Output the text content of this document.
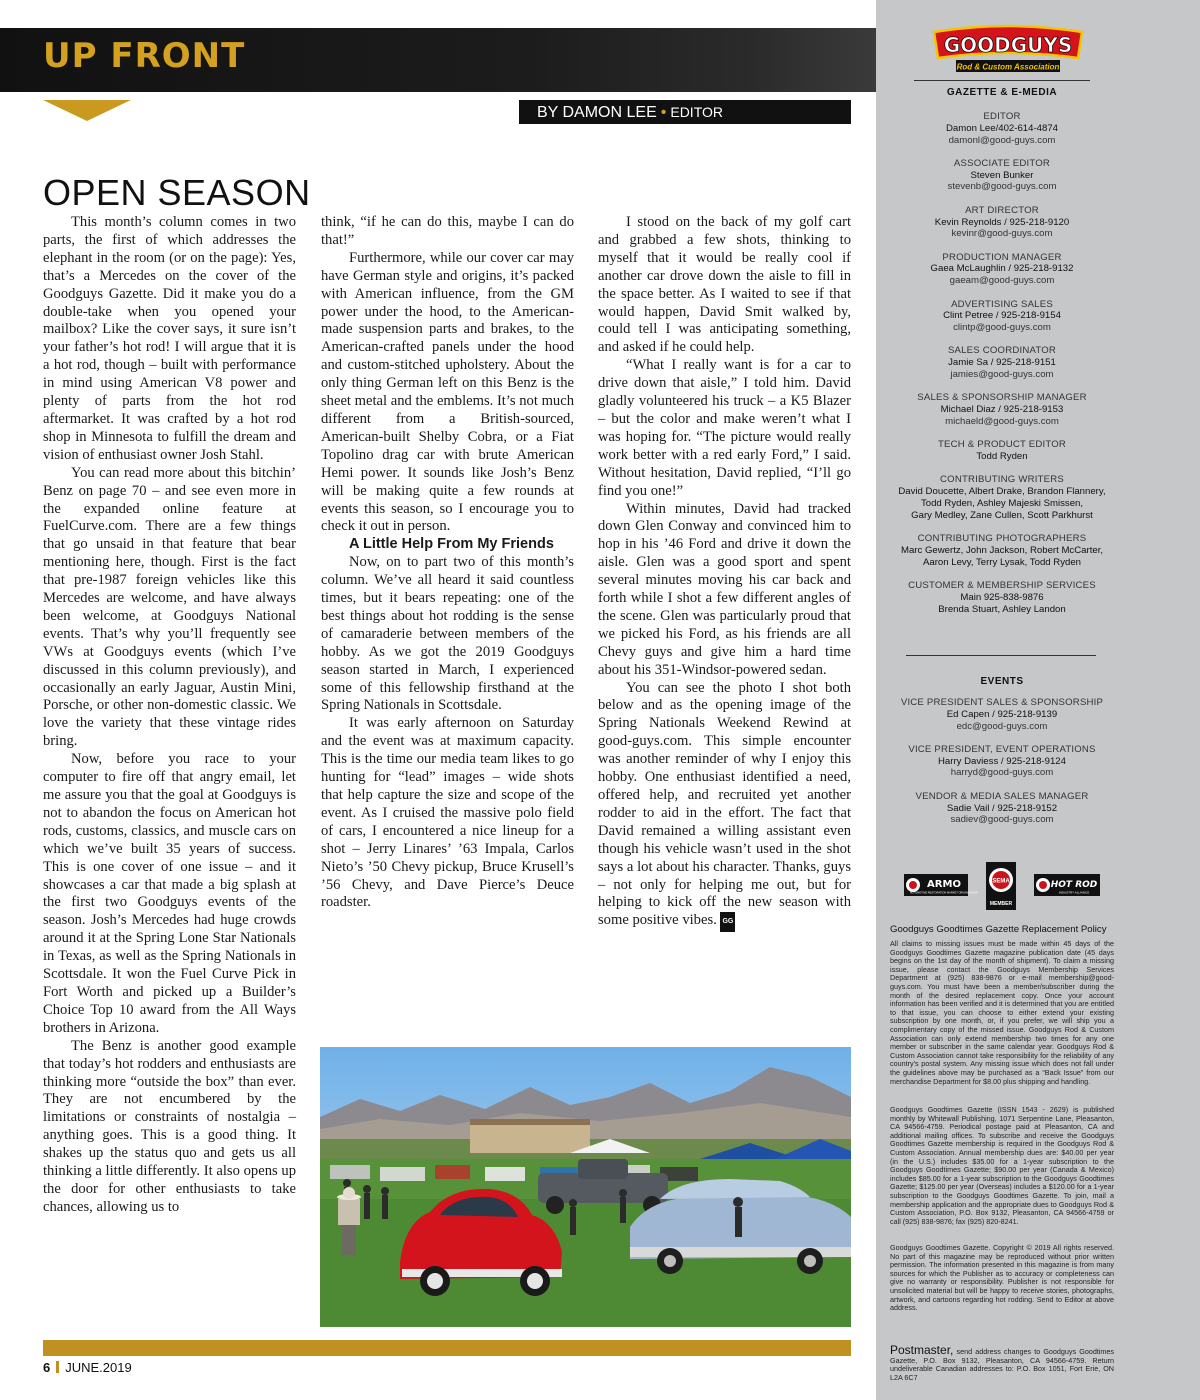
UP FRONT
BY DAMON LEE • EDITOR
OPEN SEASON

This month’s column comes in two parts, the first of which addresses the elephant in the room (or on the page): Yes, that’s a Mercedes on the cover of the Goodguys Gazette. Did it make you do a double-take when you opened your mailbox? Like the cover says, it sure isn’t your father’s hot rod! I will argue that it is a hot rod, though – built with performance in mind using American V8 power and plenty of parts from the hot rod aftermarket. It was crafted by a hot rod shop in Minnesota to fulfill the dream and vision of enthusiast owner Josh Stahl.

You can read more about this bitchin’ Benz on page 70 – and see even more in the expanded online feature at FuelCurve.com. There are a few things that go unsaid in that feature that bear mentioning here, though. First is the fact that pre-1987 foreign vehicles like this Mercedes are welcome, and have always been welcome, at Goodguys National events. That’s why you’ll frequently see VWs at Goodguys events (which I’ve discussed in this column previously), and occasionally an early Jaguar, Austin Mini, Porsche, or other non-domestic classic. We love the variety that these vintage rides bring.

Now, before you race to your computer to fire off that angry email, let me assure you that the goal at Goodguys is not to abandon the focus on American hot rods, customs, classics, and muscle cars on which we’ve built 35 years of success. This is one cover of one issue – and it showcases a car that made a big splash at the first two Goodguys events of the season. Josh’s Mercedes had huge crowds around it at the Spring Lone Star Nationals in Texas, as well as the Spring Nationals in Scottsdale. It won the Fuel Curve Pick in Fort Worth and picked up a Builder’s Choice Top 10 award from the All Ways brothers in Arizona.

The Benz is another good example that today’s hot rodders and enthusiasts are thinking more “outside the box” than ever. They are not encumbered by the limitations or constraints of nostalgia – anything goes. This is a good thing. It shakes up the status quo and gets us all thinking a little differently. It also opens up the door for other enthusiasts to take chances, allowing us to

think, “if he can do this, maybe I can do that!”

Furthermore, while our cover car may have German style and origins, it’s packed with American influence, from the GM power under the hood, to the American-made suspension parts and brakes, to the American-crafted panels under the hood and custom-stitched upholstery. About the only thing German left on this Benz is the sheet metal and the emblems. It’s not much different from a British-sourced, American-built Shelby Cobra, or a Fiat Topolino drag car with brute American Hemi power. It sounds like Josh’s Benz will be making quite a few rounds at events this season, so I encourage you to check it out in person.

A Little Help From My Friends

Now, on to part two of this month’s column. We’ve all heard it said countless times, but it bears repeating: one of the best things about hot rodding is the sense of camaraderie between members of the hobby. As we got the 2019 Goodguys season started in March, I experienced some of this fellowship firsthand at the Spring Nationals in Scottsdale.

It was early afternoon on Saturday and the event was at maximum capacity. This is the time our media team likes to go hunting for “lead” images – wide shots that help capture the size and scope of the event. As I cruised the massive polo field of cars, I encountered a nice lineup for a shot – Jerry Linares’ ’63 Impala, Carlos Nieto’s ’50 Chevy pickup, Bruce Krusell’s ’56 Chevy, and Dave Pierce’s Deuce roadster.

I stood on the back of my golf cart and grabbed a few shots, thinking to myself that it would be really cool if another car drove down the aisle to fill in the space better. As I waited to see if that would happen, David Smit walked by, could tell I was anticipating something, and asked if he could help.

“What I really want is for a car to drive down that aisle,” I told him. David gladly volunteered his truck – a K5 Blazer – but the color and make weren’t what I was hoping for. “The picture would really work better with a red early Ford,” I said. Without hesitation, David replied, “I’ll go find you one!”

Within minutes, David had tracked down Glen Conway and convinced him to hop in his ’46 Ford and drive it down the aisle. Glen was a good sport and spent several minutes moving his car back and forth while I shot a few different angles of the scene. Glen was particularly proud that we picked his Ford, as his friends are all Chevy guys and give him a hard time about his 351-Windsor-powered sedan.

You can see the photo I shot both below and as the opening image of the Spring Nationals Weekend Rewind at good-guys.com. This simple encounter was another reminder of why I enjoy this hobby. One enthusiast identified a need, offered help, and recruited yet another rodder to aid in the effort. The fact that David remained a willing assistant even though his vehicle wasn’t used in the shot says a lot about his character. Thanks, guys – not only for helping me out, but for helping to kick off the new season with some positive vibes. GG

6 JUNE.2019
GOODGUYS
Rod & Custom Association
GAZETTE & E-MEDIA
EDITOR
Damon Lee/402-614-4874
damonl@good-guys.com
ASSOCIATE EDITOR
Steven Bunker
stevenb@good-guys.com
ART DIRECTOR
Kevin Reynolds / 925-218-9120
kevinr@good-guys.com
PRODUCTION MANAGER
Gaea McLaughlin / 925-218-9132
gaeam@good-guys.com
ADVERTISING SALES
Clint Petree / 925-218-9154
clintp@good-guys.com
SALES COORDINATOR
Jamie Sa / 925-218-9151
jamies@good-guys.com
SALES & SPONSORSHIP MANAGER
Michael Diaz / 925-218-9153
michaeld@good-guys.com
TECH & PRODUCT EDITOR
Todd Ryden
CONTRIBUTING WRITERS
David Doucette, Albert Drake, Brandon Flannery,
Todd Ryden, Ashley Majeski Smissen,
Gary Medley, Zane Cullen, Scott Parkhurst
CONTRIBUTING PHOTOGRAPHERS
Marc Gewertz, John Jackson, Robert McCarter,
Aaron Levy, Terry Lysak, Todd Ryden
CUSTOMER & MEMBERSHIP SERVICES
Main 925-838-9876
Brenda Stuart, Ashley Landon
EVENTS
VICE PRESIDENT SALES & SPONSORSHIP
Ed Capen / 925-218-9139
edc@good-guys.com
VICE PRESIDENT, EVENT OPERATIONS
Harry Daviess / 925-218-9124
harryd@good-guys.com
VENDOR & MEDIA SALES MANAGER
Sadie Vail / 925-218-9152
sadiev@good-guys.com
ARMO
AUTOMOTIVE RESTORATION MARKET ORGANIZATION
SEMA
MEMBER
HOT ROD
INDUSTRY ALLIANCE
Goodguys Goodtimes Gazette Replacement Policy
All claims to missing issues must be made within 45 days of the Goodguys Goodtimes Gazette magazine publication date (45 days begins on the 1st day of the month of shipment). To claim a missing issue, please contact the Goodguys Membership Services Department at (925) 838-9876 or e-mail membership@good-guys.com. You must have been a member/subscriber during the month of the desired replacement copy. Once your account information has been verified and it is determined that you are entitled to that issue, you can choose to either extend your existing subscription by one month, or, if you prefer, we will ship you a complimentary copy of the missed issue. Goodguys Rod & Custom Association can only extend membership two times for any one member or subscriber in the same calendar year. Goodguys Rod & Custom Association cannot take responsibility for the reliability of any country’s postal system. Any missing issue which does not fall under the guidelines above may be purchased as a “Back Issue” from our merchandise Department for $8.00 plus shipping and handling.
Goodguys Goodtimes Gazette (ISSN 1543 - 2629) is published monthly by Whitewall Publishing, 1071 Serpentine Lane, Pleasanton, CA 94566-4759. Periodical postage paid at Pleasanton, CA and additional mailing offices. To subscribe and receive the Goodguys Goodtimes Gazette membership is required in the Goodguys Rod & Custom Association. Annual membership dues are: $40.00 per year (in the U.S.) includes $35.00 for a 1-year subscription to the Goodguys Goodtimes Gazette; $90.00 per year (Canada & Mexico) includes $85.00 for a 1-year subscription to the Goodguys Goodtimes Gazette; $125.00 per year (Overseas) includes a $120.00 for a 1-year subscription to the Goodguys Goodtimes Gazette. To join, mail a membership application and the appropriate dues to Goodguys Rod & Custom Association, P.O. Box 9132, Pleasanton, CA 94566-4759 or call (925) 838-9876; fax (925) 820-8241.
Goodguys Goodtimes Gazette. Copyright © 2019 All rights reserved. No part of this magazine may be reproduced without prior written permission. The information presented in this magazine is from many sources for which the Publisher as to accuracy or completeness can give no warranty or responsibility. Publisher is not responsible for unsolicited material but will be happy to receive stories, photographs, artwork, and cartoons regarding hot rodding. Send to Editor at above address.
Postmaster, send address changes to Goodguys Goodtimes Gazette, P.O. Box 9132, Pleasanton, CA 94566-4759. Return undeliverable Canadian addresses to: P.O. Box 1051, Fort Erie, ON L2A 6C7
